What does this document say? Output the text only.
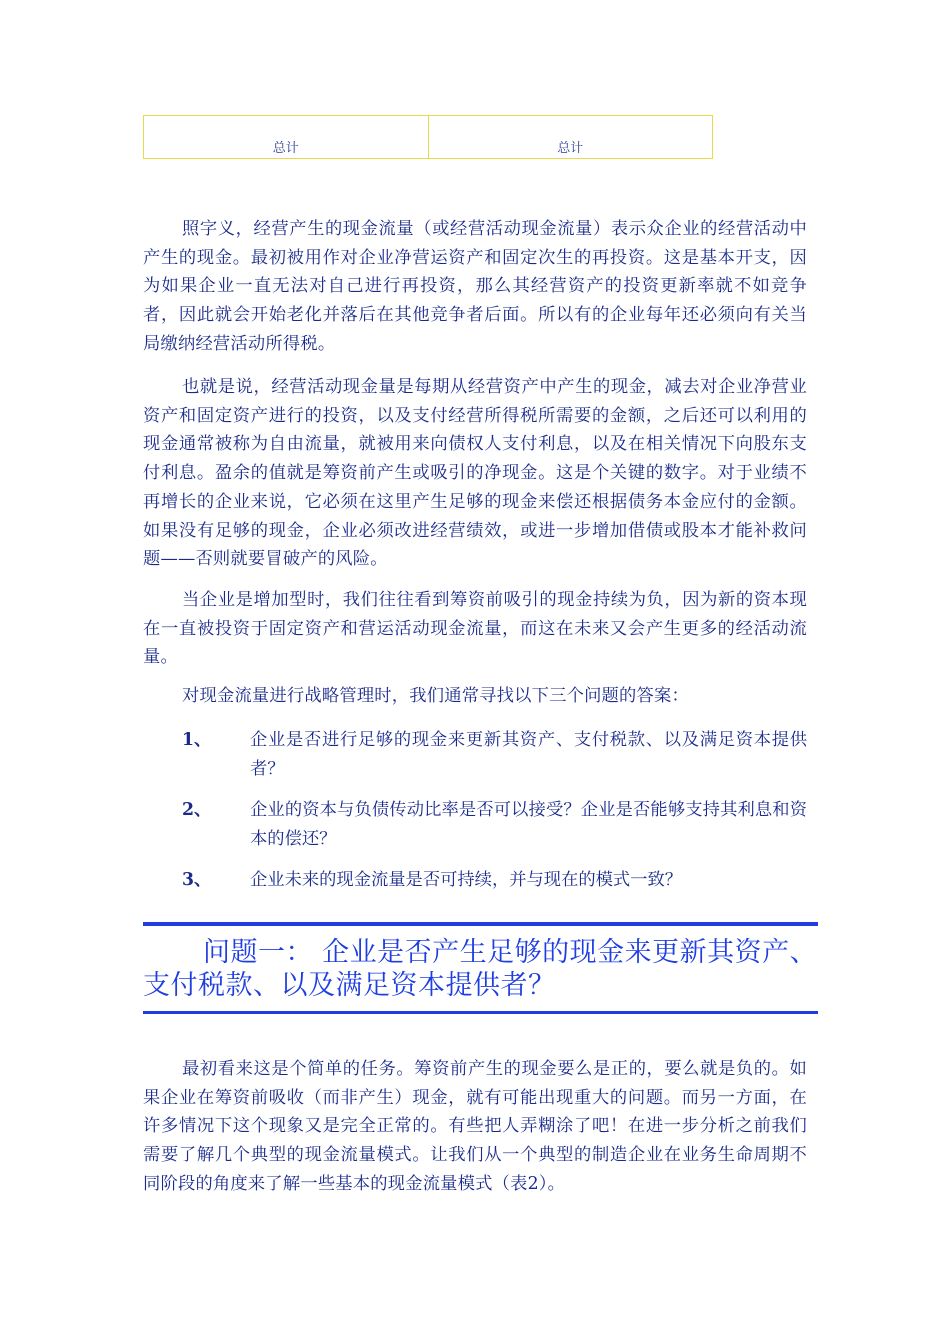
总计	总计

照字义，经营产生的现金流量（或经营活动现金流量）表示众企业的经营活动中产生的现金。最初被用作对企业净营运资产和固定次生的再投资。这是基本开支，因为如果企业一直无法对自己进行再投资，那么其经营资产的投资更新率就不如竞争者，因此就会开始老化并落后在其他竞争者后面。所以有的企业每年还必须向有关当局缴纳经营活动所得税。

也就是说，经营活动现金量是每期从经营资产中产生的现金，减去对企业净营业资产和固定资产进行的投资，以及支付经营所得税所需要的金额，之后还可以利用的现金通常被称为自由流量，就被用来向债权人支付利息，以及在相关情况下向股东支付利息。盈余的值就是筹资前产生或吸引的净现金。这是个关键的数字。对于业绩不再增长的企业来说，它必须在这里产生足够的现金来偿还根据债务本金应付的金额。如果没有足够的现金，企业必须改进经营绩效，或进一步增加借债或股本才能补救问题——否则就要冒破产的风险。

当企业是增加型时，我们往往看到筹资前吸引的现金持续为负，因为新的资本现在一直被投资于固定资产和营运活动现金流量，而这在未来又会产生更多的经活动流量。

对现金流量进行战略管理时，我们通常寻找以下三个问题的答案：

1、 企业是否进行足够的现金来更新其资产、支付税款、以及满足资本提供者？
2、 企业的资本与负债传动比率是否可以接受？企业是否能够支持其利息和资本的偿还？
3、 企业未来的现金流量是否可持续，并与现在的模式一致？
问题一： 企业是否产生足够的现金来更新其资产、支付税款、以及满足资本提供者？

最初看来这是个简单的任务。筹资前产生的现金要么是正的，要么就是负的。如果企业在筹资前吸收（而非产生）现金，就有可能出现重大的问题。而另一方面，在许多情况下这个现象又是完全正常的。有些把人弄糊涂了吧！在进一步分析之前我们需要了解几个典型的现金流量模式。让我们从一个典型的制造企业在业务生命周期不同阶段的角度来了解一些基本的现金流量模式（表2）。
